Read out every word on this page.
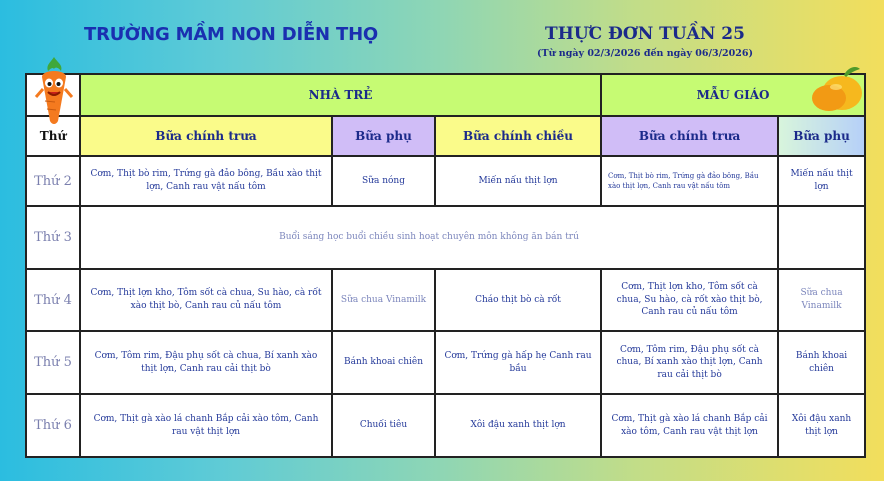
TRƯỜNG MẦM NON DIỄN THỌ	THỰC ĐƠN TUẦN 25
(Từ ngày 02/3/2026 đến ngày 06/3/2026)
	NHÀ TRẺ			MẪU GIÁO	

Thứ	Bữa chính trưa	Bữa phụ	Bữa chính chiều	Bữa chính trưa	Bữa phụ
Thứ 2	Cơm, Thịt bò rim, Trứng gà đảo bông, Bầu xào thịt lợn, Canh rau vật nấu tôm	Sữa nóng	Miến nấu thịt lợn	Cơm, Thịt bò rim, Trứng gà đảo bông, Bầu xào thịt lợn, Canh rau vật nấu tôm	Miến nấu thịt lợn
Thứ 3	Buổi sáng học buổi chiều sinh hoạt chuyên môn không ăn bán trú				
Thứ 4	Cơm, Thịt lợn kho, Tôm sốt cà chua, Su hào, cà rốt xào thịt bò, Canh rau củ nấu tôm	Sữa chua Vinamilk	Cháo thịt bò cà rốt	Cơm, Thịt lợn kho, Tôm sốt cà chua, Su hào, cà rốt xào thịt bò, Canh rau củ nấu tôm	Sữa chua Vinamilk
Thứ 5	Cơm, Tôm rim, Đậu phụ sốt cà chua, Bí xanh xào thịt lợn, Canh rau cải thịt bò	Bánh khoai chiên	Cơm, Trứng gà hấp hẹ Canh rau bầu	Cơm, Tôm rim, Đậu phụ sốt cà chua, Bí xanh xào thịt lợn, Canh rau cải thịt bò	Bánh khoai chiên
Thứ 6	Cơm, Thịt gà xào lá chanh Bắp cải xào tôm, Canh rau vật thịt lợn	Chuối tiêu	Xôi đậu xanh thịt lợn	Cơm, Thịt gà xào lá chanh Bắp cải xào tôm, Canh rau vật thịt lợn	Xôi đậu xanh thịt lợn
